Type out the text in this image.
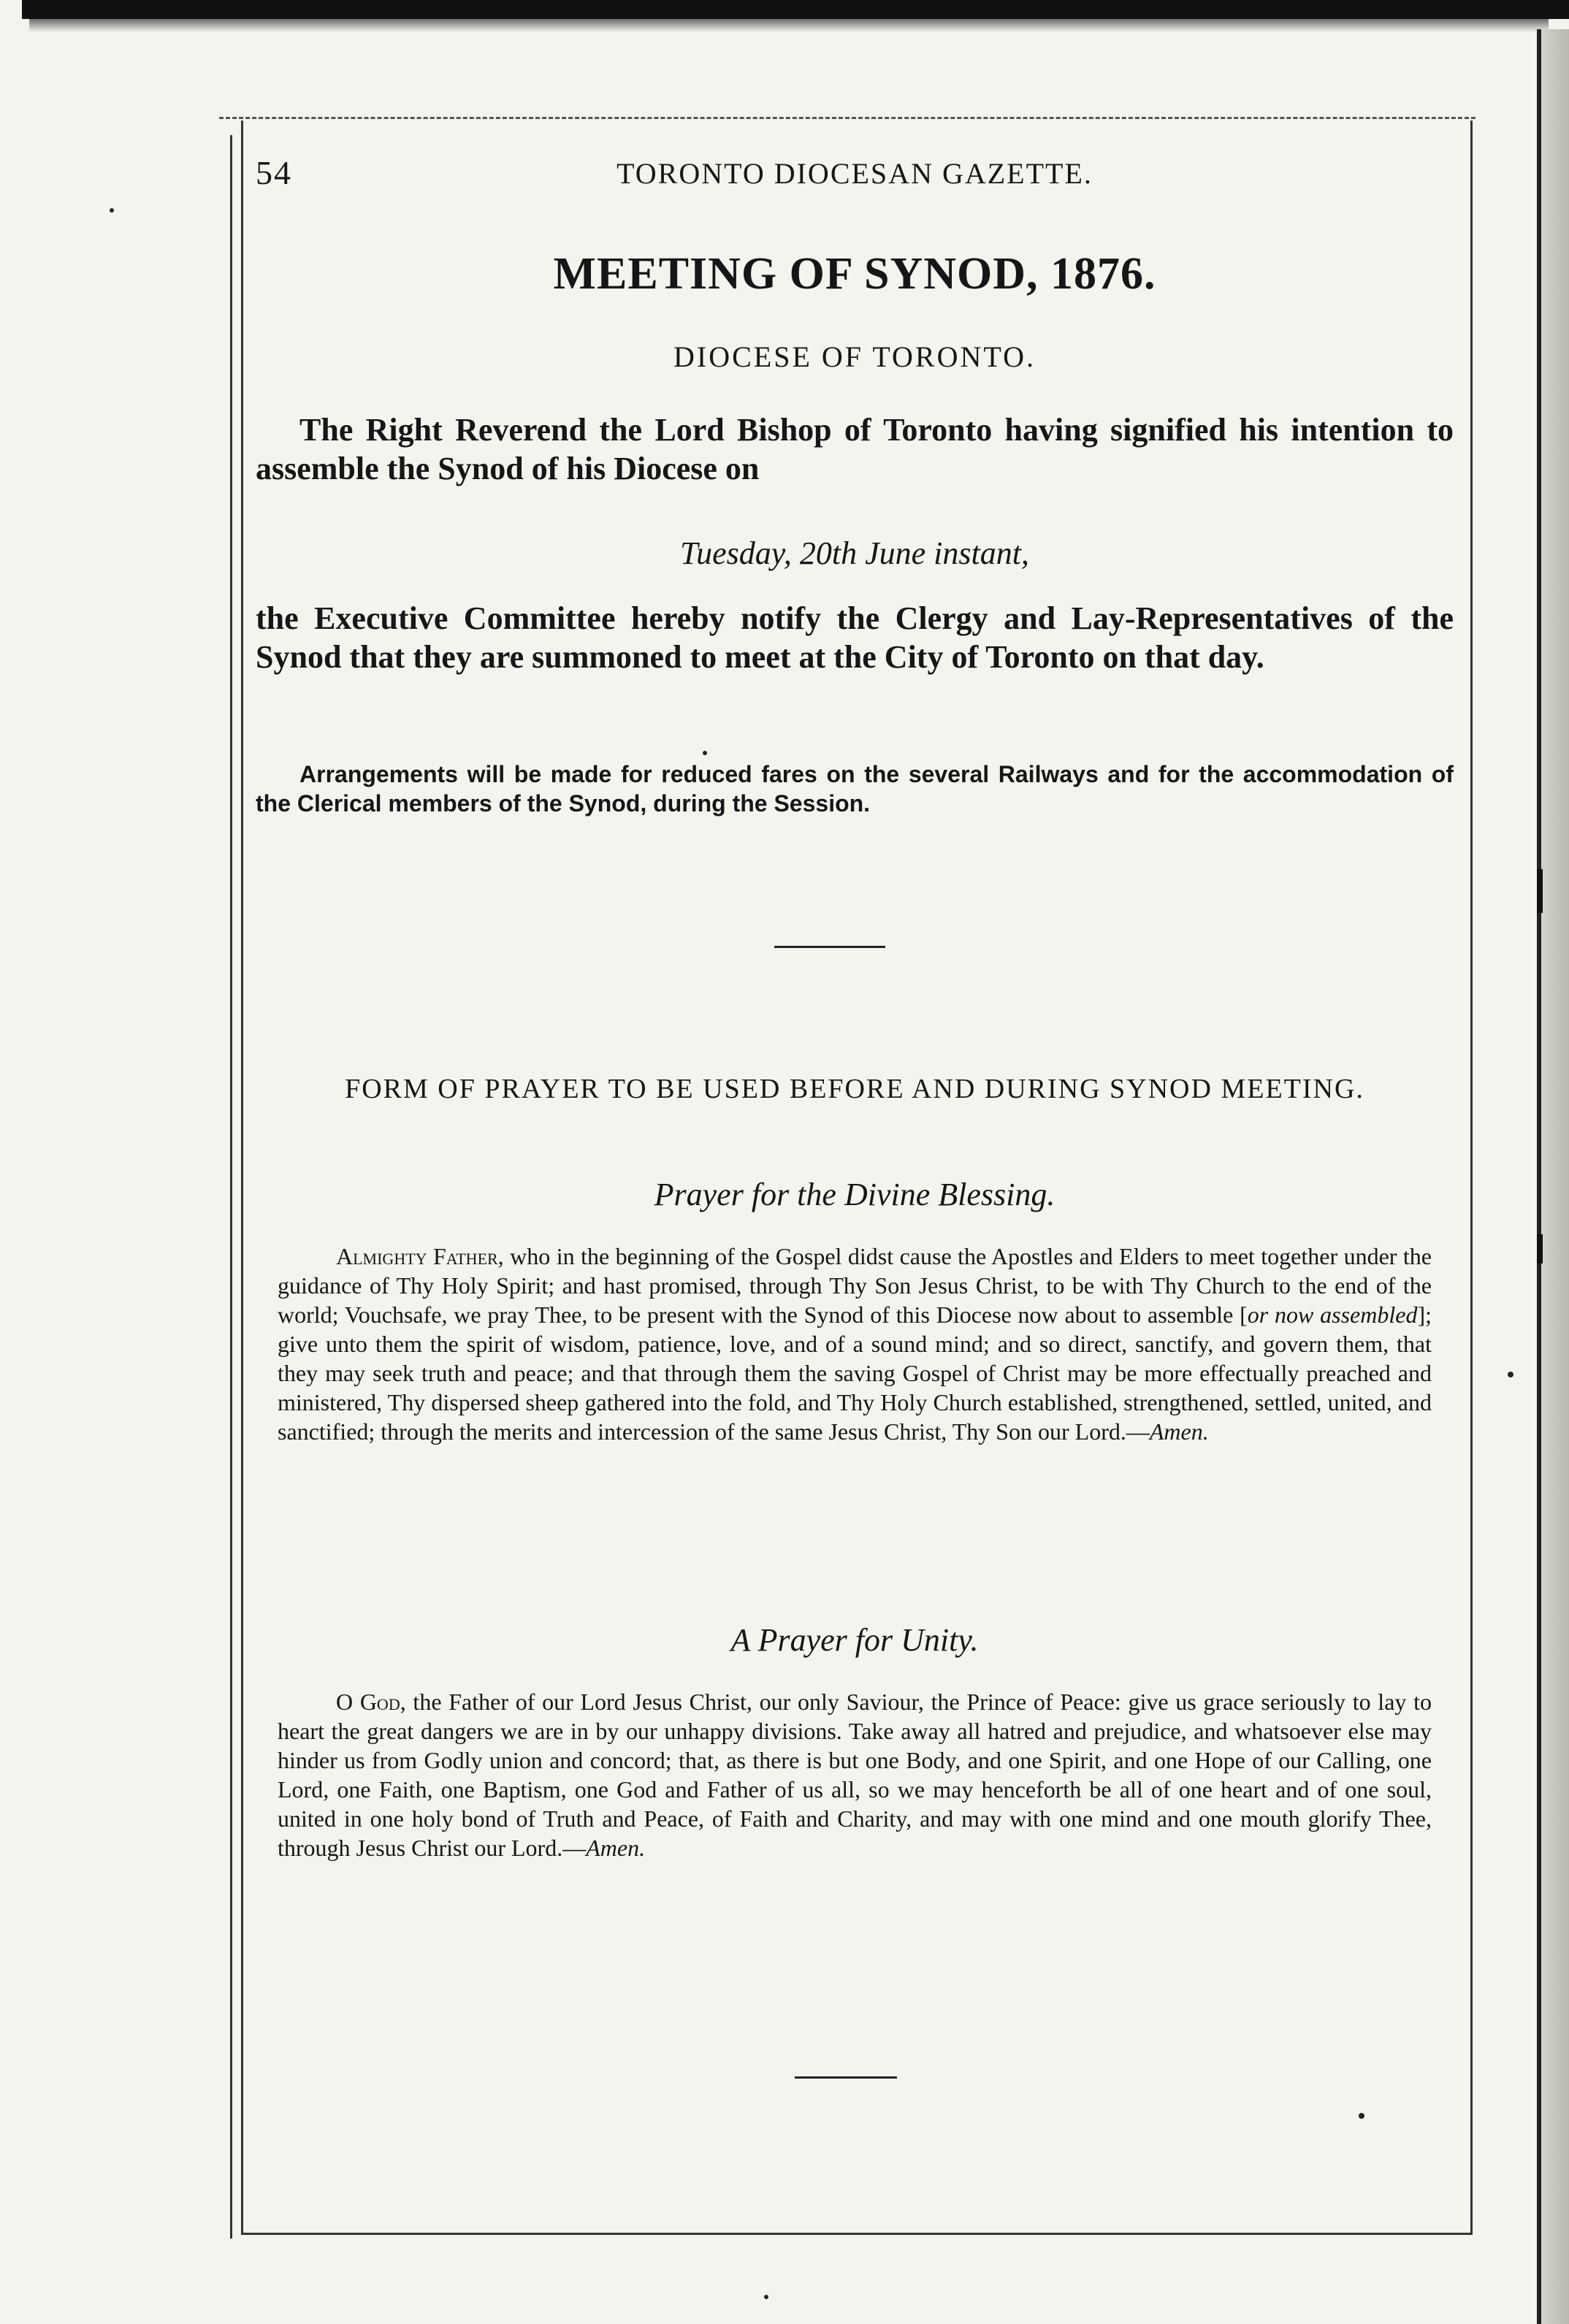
54	TORONTO DIOCESAN GAZETTE.
MEETING OF SYNOD, 1876.
DIOCESE OF TORONTO.

The Right Reverend the Lord Bishop of Toronto having signified his intention to assemble the Synod of his Diocese on

Tuesday, 20th June instant,

the Executive Committee hereby notify the Clergy and Lay-Representatives of the Synod that they are summoned to meet at the City of Toronto on that day.

Arrangements will be made for reduced fares on the several Railways and for the accommodation of the Clerical members of the Synod, during the Session.

FORM OF PRAYER TO BE USED BEFORE AND DURING SYNOD MEETING.
Prayer for the Divine Blessing.

Almighty Father, who in the beginning of the Gospel didst cause the Apostles and Elders to meet together under the guidance of Thy Holy Spirit; and hast promised, through Thy Son Jesus Christ, to be with Thy Church to the end of the world; Vouchsafe, we pray Thee, to be present with the Synod of this Diocese now about to assemble [or now assembled]; give unto them the spirit of wisdom, patience, love, and of a sound mind; and so direct, sanctify, and govern them, that they may seek truth and peace; and that through them the saving Gospel of Christ may be more effectually preached and ministered, Thy dispersed sheep gathered into the fold, and Thy Holy Church established, strengthened, settled, united, and sanctified; through the merits and intercession of the same Jesus Christ, Thy Son our Lord.—Amen.

A Prayer for Unity.

O God, the Father of our Lord Jesus Christ, our only Saviour, the Prince of Peace: give us grace seriously to lay to heart the great dangers we are in by our unhappy divisions. Take away all hatred and prejudice, and whatsoever else may hinder us from Godly union and concord; that, as there is but one Body, and one Spirit, and one Hope of our Calling, one Lord, one Faith, one Baptism, one God and Father of us all, so we may henceforth be all of one heart and of one soul, united in one holy bond of Truth and Peace, of Faith and Charity, and may with one mind and one mouth glorify Thee, through Jesus Christ our Lord.—Amen.
